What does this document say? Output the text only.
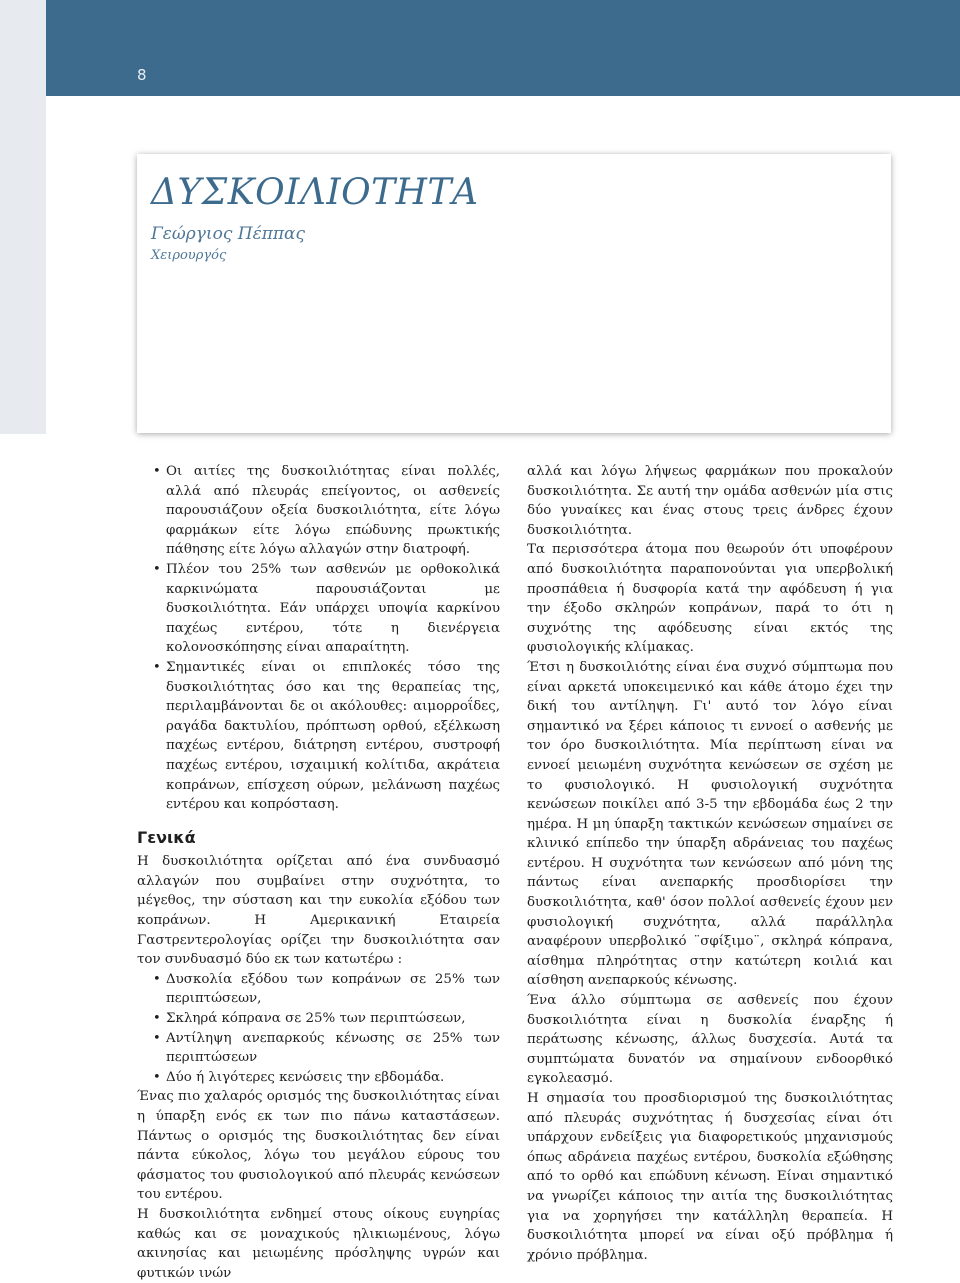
8
ΔΥΣΚΟΙΛΙΟΤΗΤΑ
Γεώργιος Πέππας
Χειρουργός
• Οι αιτίες της δυσκοιλιότητας είναι πολλές, αλλά από πλευράς επείγοντος, οι ασθενείς παρουσιάζουν οξεία δυσκοιλιότητα, είτε λόγω φαρμάκων είτε λόγω επώδυνης πρωκτικής πάθησης είτε λόγω αλλαγών στην διατροφή.
• Πλέον του 25% των ασθενών με ορθοκολικά καρκινώματα παρουσιάζονται με δυσκοιλιότητα. Εάν υπάρχει υποψία καρκίνου παχέως εντέρου, τότε η διενέργεια κολονοσκόπησης είναι απαραίτητη.
• Σημαντικές είναι οι επιπλοκές τόσο της δυσκοιλιότητας όσο και της θεραπείας της, περιλαμβάνονται δε οι ακόλουθες: αιμορροΐδες, ραγάδα δακτυλίου, πρόπτωση ορθού, εξέλκωση παχέως εντέρου, διάτρηση εντέρου, συστροφή παχέως εντέρου, ισχαιμική κολίτιδα, ακράτεια κοπράνων, επίσχεση ούρων, μελάνωση παχέως εντέρου και κοπρόσταση.
Γενικά

Η δυσκοιλιότητα ορίζεται από ένα συνδυασμό αλλαγών που συμβαίνει στην συχνότητα, το μέγεθος, την σύσταση και την ευκολία εξόδου των κοπράνων. Η Αμερικανική Εταιρεία Γαστρεντερολογίας ορίζει την δυσκοιλιότητα σαν τον συνδυασμό δύο εκ των κατωτέρω :

• Δυσκολία εξόδου των κοπράνων σε 25% των περιπτώσεων,
• Σκληρά κόπρανα σε 25% των περιπτώσεων,
• Αντίληψη ανεπαρκούς κένωσης σε 25% των περιπτώσεων
• Δύο ή λιγότερες κενώσεις την εβδομάδα.

Ένας πιο χαλαρός ορισμός της δυσκοιλιότητας είναι η ύπαρξη ενός εκ των πιο πάνω καταστάσεων. Πάντως ο ορισμός της δυσκοιλιότητας δεν είναι πάντα εύκολος, λόγω του μεγάλου εύρους του φάσματος του φυσιολογικού από πλευράς κενώσεων του εντέρου.

Η δυσκοιλιότητα ενδημεί στους οίκους ευγηρίας καθώς και σε μοναχικούς ηλικιωμένους, λόγω ακινησίας και μειωμένης πρόσληψης υγρών και φυτικών ινών

αλλά και λόγω λήψεως φαρμάκων που προκαλούν δυσκοιλιότητα. Σε αυτή την ομάδα ασθενών μία στις δύο γυναίκες και ένας στους τρεις άνδρες έχουν δυσκοιλιότητα.

Τα περισσότερα άτομα που θεωρούν ότι υποφέρουν από δυσκοιλιότητα παραπονούνται για υπερβολική προσπάθεια ή δυσφορία κατά την αφόδευση ή για την έξοδο σκληρών κοπράνων, παρά το ότι η συχνότης της αφόδευσης είναι εκτός της φυσιολογικής κλίμακας.

Έτσι η δυσκοιλιότης είναι ένα συχνό σύμπτωμα που είναι αρκετά υποκειμενικό και κάθε άτομο έχει την δική του αντίληψη. Γι' αυτό τον λόγο είναι σημαντικό να ξέρει κάποιος τι εννοεί ο ασθενής με τον όρο δυσκοιλιότητα. Μία περίπτωση είναι να εννοεί μειωμένη συχνότητα κενώσεων σε σχέση με το φυσιολογικό. Η φυσιολογική συχνότητα κενώσεων ποικίλει από 3-5 την εβδομάδα έως 2 την ημέρα. Η μη ύπαρξη τακτικών κενώσεων σημαίνει σε κλινικό επίπεδο την ύπαρξη αδράνειας του παχέως εντέρου. Η συχνότητα των κενώσεων από μόνη της πάντως είναι ανεπαρκής προσδιορίσει την δυσκοιλιότητα, καθ' όσον πολλοί ασθενείς έχουν μεν φυσιολογική συχνότητα, αλλά παράλληλα αναφέρουν υπερβολικό ¨σφίξιμο¨, σκληρά κόπρανα, αίσθημα πληρότητας στην κατώτερη κοιλιά και αίσθηση ανεπαρκούς κένωσης.

Ένα άλλο σύμπτωμα σε ασθενείς που έχουν δυσκοιλιότητα είναι η δυσκολία έναρξης ή περάτωσης κένωσης, άλλως δυσχεσία. Αυτά τα συμπτώματα δυνατόν να σημαίνουν ενδοορθικό εγκολεασμό.

Η σημασία του προσδιορισμού της δυσκοιλιότητας από πλευράς συχνότητας ή δυσχεσίας είναι ότι υπάρχουν ενδείξεις για διαφορετικούς μηχανισμούς όπως αδράνεια παχέως εντέρου, δυσκολία εξώθησης από το ορθό και επώδυνη κένωση. Είναι σημαντικό να γνωρίζει κάποιος την αιτία της δυσκοιλιότητας για να χορηγήσει την κατάλληλη θεραπεία. Η δυσκοιλιότητα μπορεί να είναι οξύ πρόβλημα ή χρόνιο πρόβλημα.
